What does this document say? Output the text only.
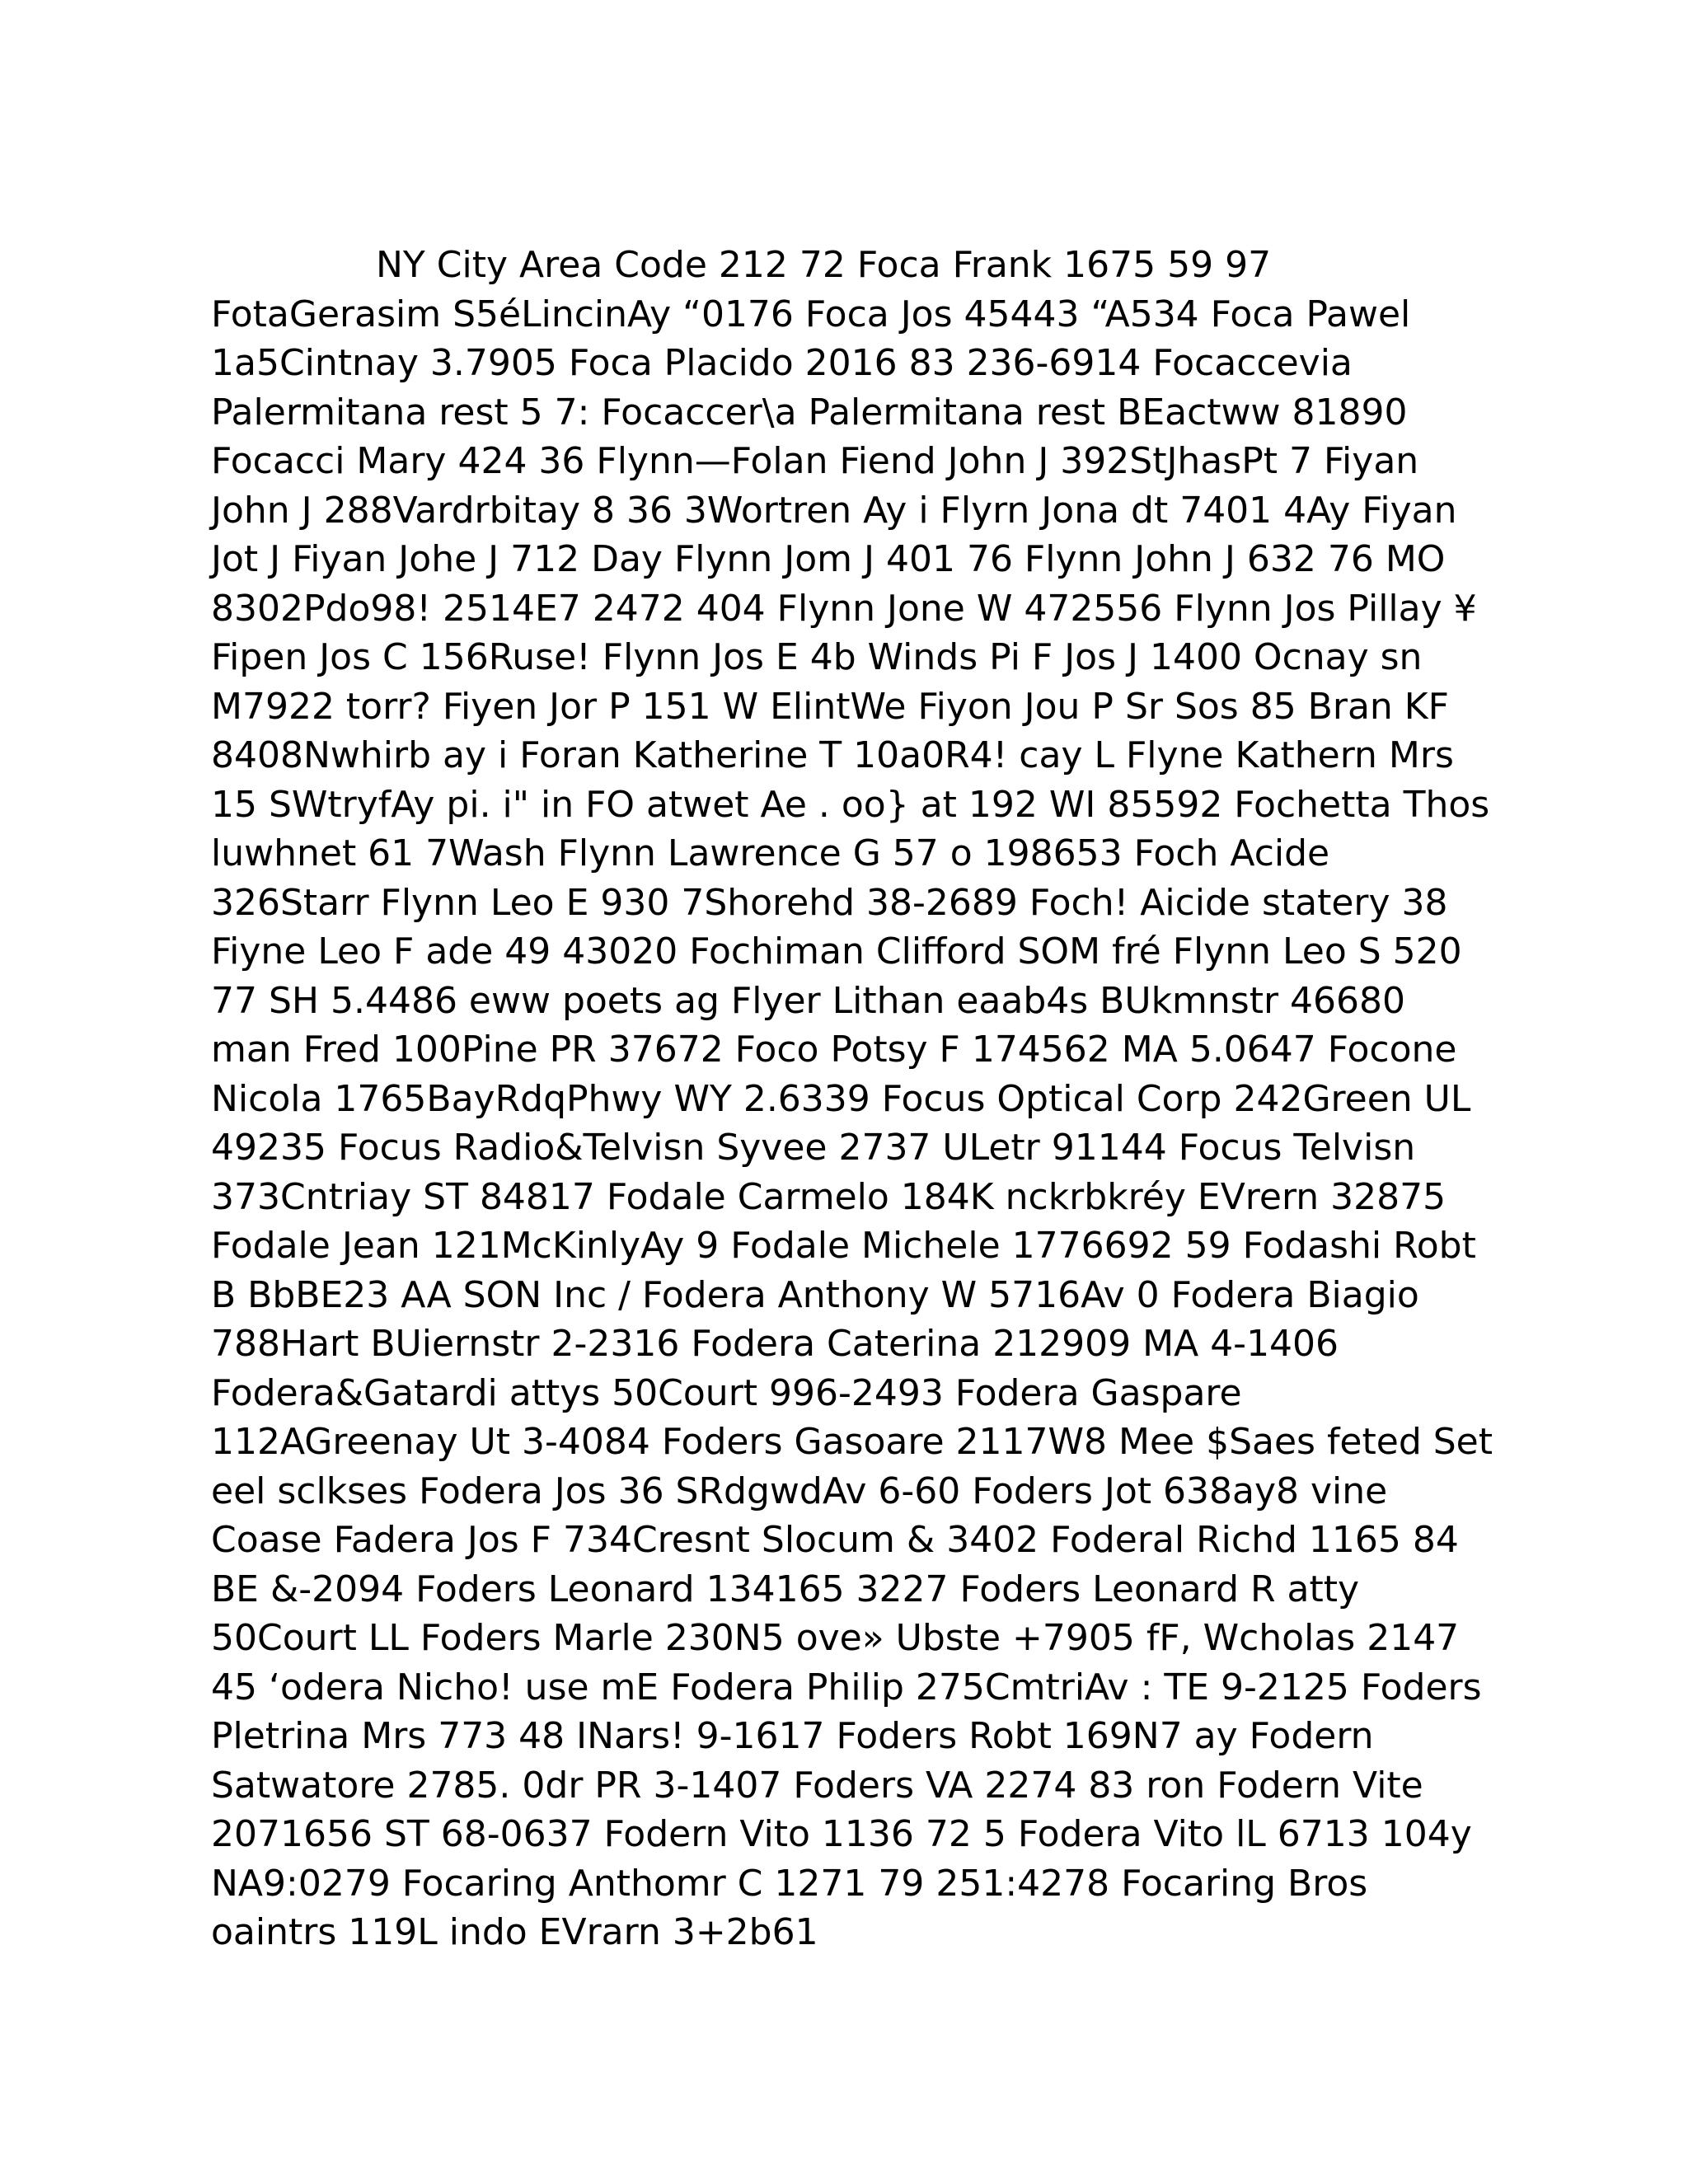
NY City Area Code 212 72 Foca Frank 1675 59 97 FotaGerasim S5éLincinAy “0176 Foca Jos 45443 “A534 Foca Pawel 1a5Cintnay 3.7905 Foca Placido 2016 83 236-6914 Focaccevia Palermitana rest 5 7: Focaccer\a Palermitana rest BEactww 81890 Focacci Mary 424 36 Flynn—Folan Fiend John J 392StJhasPt 7 Fiyan John J 288Vardrbitay 8 36 3Wortren Ay i Flyrn Jona dt 7401 4Ay Fiyan Jot J Fiyan Johe J 712 Day Flynn Jom J 401 76 Flynn John J 632 76 MO 8302Pdo98! 2514E7 2472 404 Flynn Jone W 472556 Flynn Jos Pillay ¥ Fipen Jos C 156Ruse! Flynn Jos E 4b Winds Pi F Jos J 1400 Ocnay sn M7922 torr? Fiyen Jor P 151 W ElintWe Fiyon Jou P Sr Sos 85 Bran KF 8408Nwhirb ay i Foran Katherine T 10a0R4! cay L Flyne Kathern Mrs 15 SWtryfAy pi. i" in FO atwet Ae . oo} at 192 WI 85592 Fochetta Thos luwhnet 61 7Wash Flynn Lawrence G 57 o 198653 Foch Acide 326Starr Flynn Leo E 930 7Shorehd 38-2689 Foch! Aicide statery 38 Fiyne Leo F ade 49 43020 Fochiman Clifford SOM fré Flynn Leo S 520 77 SH 5.4486 eww poets ag Flyer Lithan eaab4s BUkmnstr 46680 man Fred 100Pine PR 37672 Foco Potsy F 174562 MA 5.0647 Focone Nicola 1765BayRdqPhwy WY 2.6339 Focus Optical Corp 242Green UL 49235 Focus Radio&Telvisn Syvee 2737 ULetr 91144 Focus Telvisn 373Cntriay ST 84817 Fodale Carmelo 184K nckrbkréy EVrern 32875 Fodale Jean 121McKinlyAy 9 Fodale Michele 1776692 59 Fodashi Robt B BbBE23 AA SON Inc / Fodera Anthony W 5716Av 0 Fodera Biagio 788Hart BUiernstr 2-2316 Fodera Caterina 212909 MA 4-1406 Fodera&Gatardi attys 50Court 996-2493 Fodera Gaspare 112AGreenay Ut 3-4084 Foders Gasoare 2117W8 Mee $Saes feted Set eel sclkses Fodera Jos 36 SRdgwdAv 6-60 Foders Jot 638ay8 vine Coase Fadera Jos F 734Cresnt Slocum & 3402 Foderal Richd 1165 84 BE &-2094 Foders Leonard 134165 3227 Foders Leonard R atty 50Court LL Foders Marle 230N5 ove» Ubste +7905 fF, Wcholas 2147 45 ‘odera Nicho! use mE Fodera Philip 275CmtriAv : TE 9-2125 Foders Pletrina Mrs 773 48 INars! 9-1617 Foders Robt 169N7 ay Fodern Satwatore 2785. 0dr PR 3-1407 Foders VA 2274 83 ron Fodern Vite 2071656 ST 68-0637 Fodern Vito 1136 72 5 Fodera Vito lL 6713 104y NA9:0279 Focaring Anthomr C 1271 79 251:4278 Focaring Bros oaintrs 119L indo EVrarn 3+2b61
